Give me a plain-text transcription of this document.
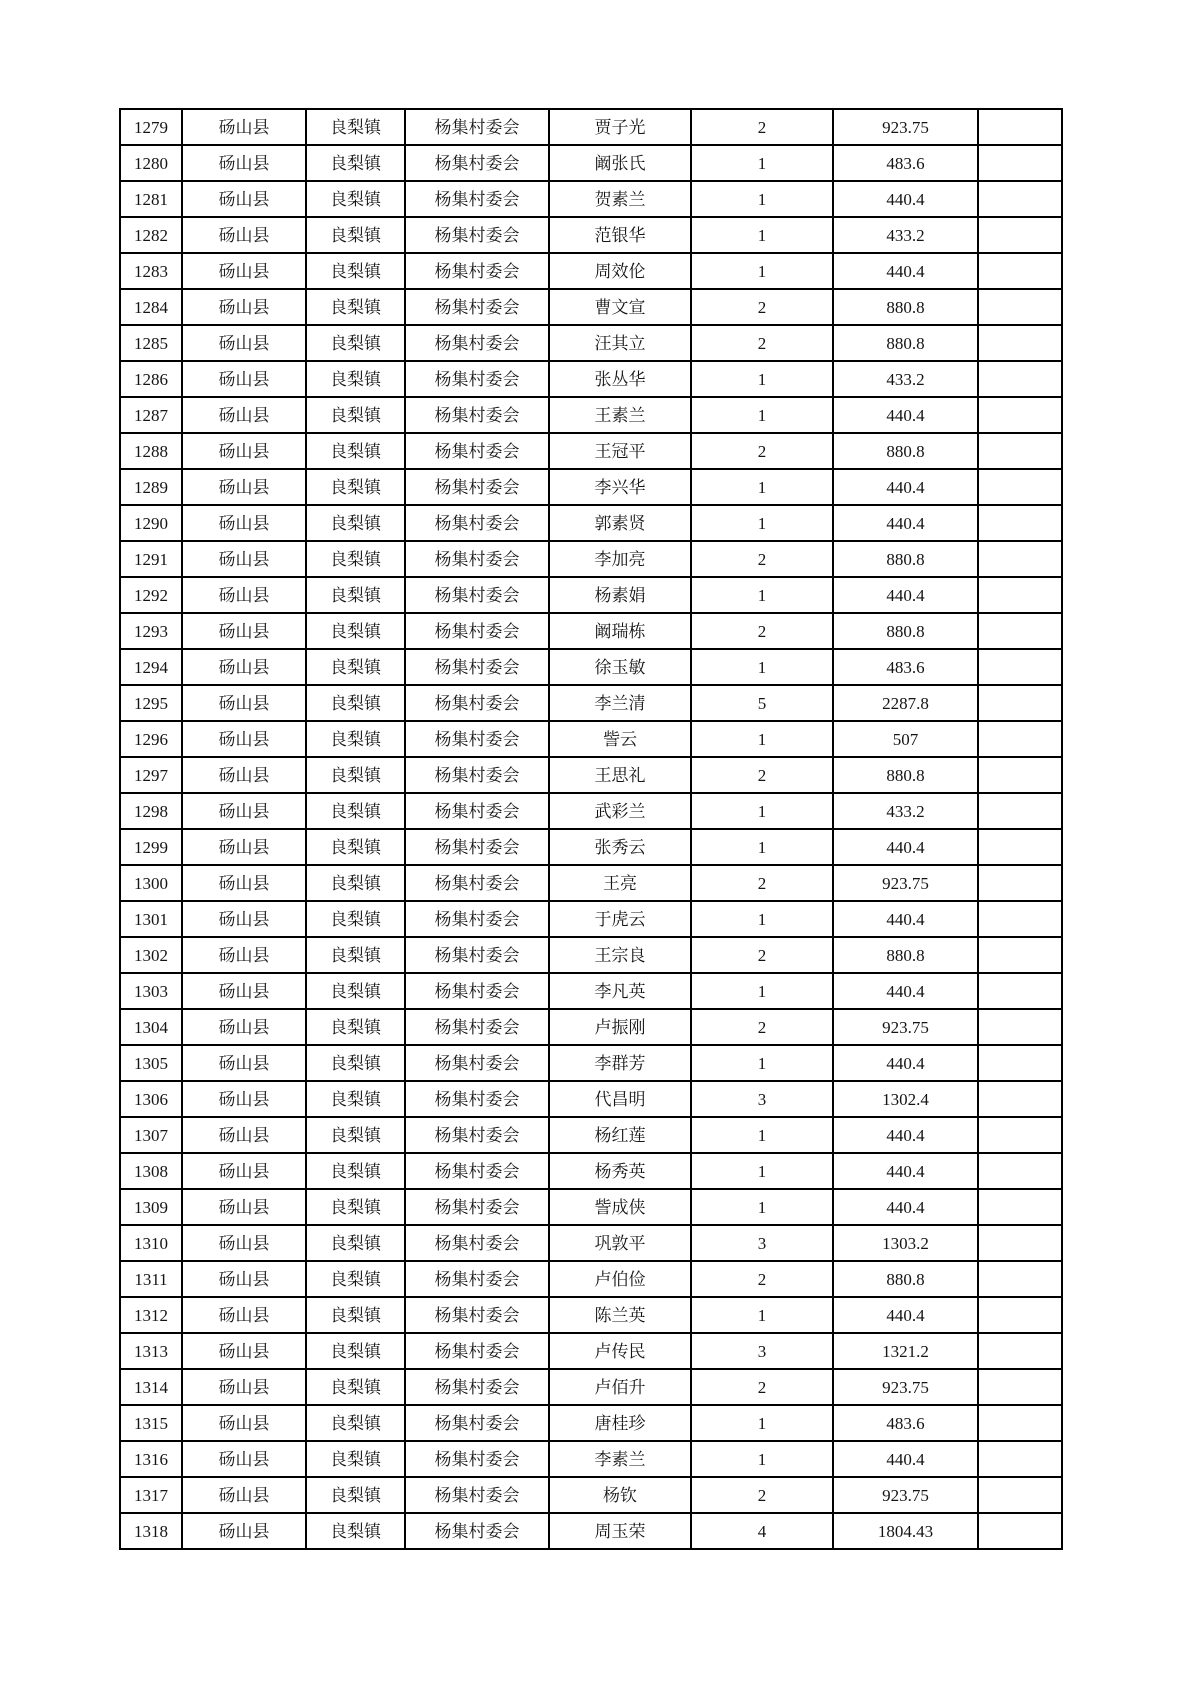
1279	砀山县	良梨镇	杨集村委会	贾子光	2	923.75	
1280	砀山县	良梨镇	杨集村委会	阚张氏	1	483.6	
1281	砀山县	良梨镇	杨集村委会	贺素兰	1	440.4	
1282	砀山县	良梨镇	杨集村委会	范银华	1	433.2	
1283	砀山县	良梨镇	杨集村委会	周效伦	1	440.4	
1284	砀山县	良梨镇	杨集村委会	曹文宣	2	880.8	
1285	砀山县	良梨镇	杨集村委会	汪其立	2	880.8	
1286	砀山县	良梨镇	杨集村委会	张丛华	1	433.2	
1287	砀山县	良梨镇	杨集村委会	王素兰	1	440.4	
1288	砀山县	良梨镇	杨集村委会	王冠平	2	880.8	
1289	砀山县	良梨镇	杨集村委会	李兴华	1	440.4	
1290	砀山县	良梨镇	杨集村委会	郭素贤	1	440.4	
1291	砀山县	良梨镇	杨集村委会	李加亮	2	880.8	
1292	砀山县	良梨镇	杨集村委会	杨素娟	1	440.4	
1293	砀山县	良梨镇	杨集村委会	阚瑞栋	2	880.8	
1294	砀山县	良梨镇	杨集村委会	徐玉敏	1	483.6	
1295	砀山县	良梨镇	杨集村委会	李兰清	5	2287.8	
1296	砀山县	良梨镇	杨集村委会	訾云	1	507	
1297	砀山县	良梨镇	杨集村委会	王思礼	2	880.8	
1298	砀山县	良梨镇	杨集村委会	武彩兰	1	433.2	
1299	砀山县	良梨镇	杨集村委会	张秀云	1	440.4	
1300	砀山县	良梨镇	杨集村委会	王亮	2	923.75	
1301	砀山县	良梨镇	杨集村委会	于虎云	1	440.4	
1302	砀山县	良梨镇	杨集村委会	王宗良	2	880.8	
1303	砀山县	良梨镇	杨集村委会	李凡英	1	440.4	
1304	砀山县	良梨镇	杨集村委会	卢振刚	2	923.75	
1305	砀山县	良梨镇	杨集村委会	李群芳	1	440.4	
1306	砀山县	良梨镇	杨集村委会	代昌明	3	1302.4	
1307	砀山县	良梨镇	杨集村委会	杨红莲	1	440.4	
1308	砀山县	良梨镇	杨集村委会	杨秀英	1	440.4	
1309	砀山县	良梨镇	杨集村委会	訾成侠	1	440.4	
1310	砀山县	良梨镇	杨集村委会	巩敦平	3	1303.2	
1311	砀山县	良梨镇	杨集村委会	卢伯俭	2	880.8	
1312	砀山县	良梨镇	杨集村委会	陈兰英	1	440.4	
1313	砀山县	良梨镇	杨集村委会	卢传民	3	1321.2	
1314	砀山县	良梨镇	杨集村委会	卢佰升	2	923.75	
1315	砀山县	良梨镇	杨集村委会	唐桂珍	1	483.6	
1316	砀山县	良梨镇	杨集村委会	李素兰	1	440.4	
1317	砀山县	良梨镇	杨集村委会	杨钦	2	923.75	
1318	砀山县	良梨镇	杨集村委会	周玉荣	4	1804.43	
